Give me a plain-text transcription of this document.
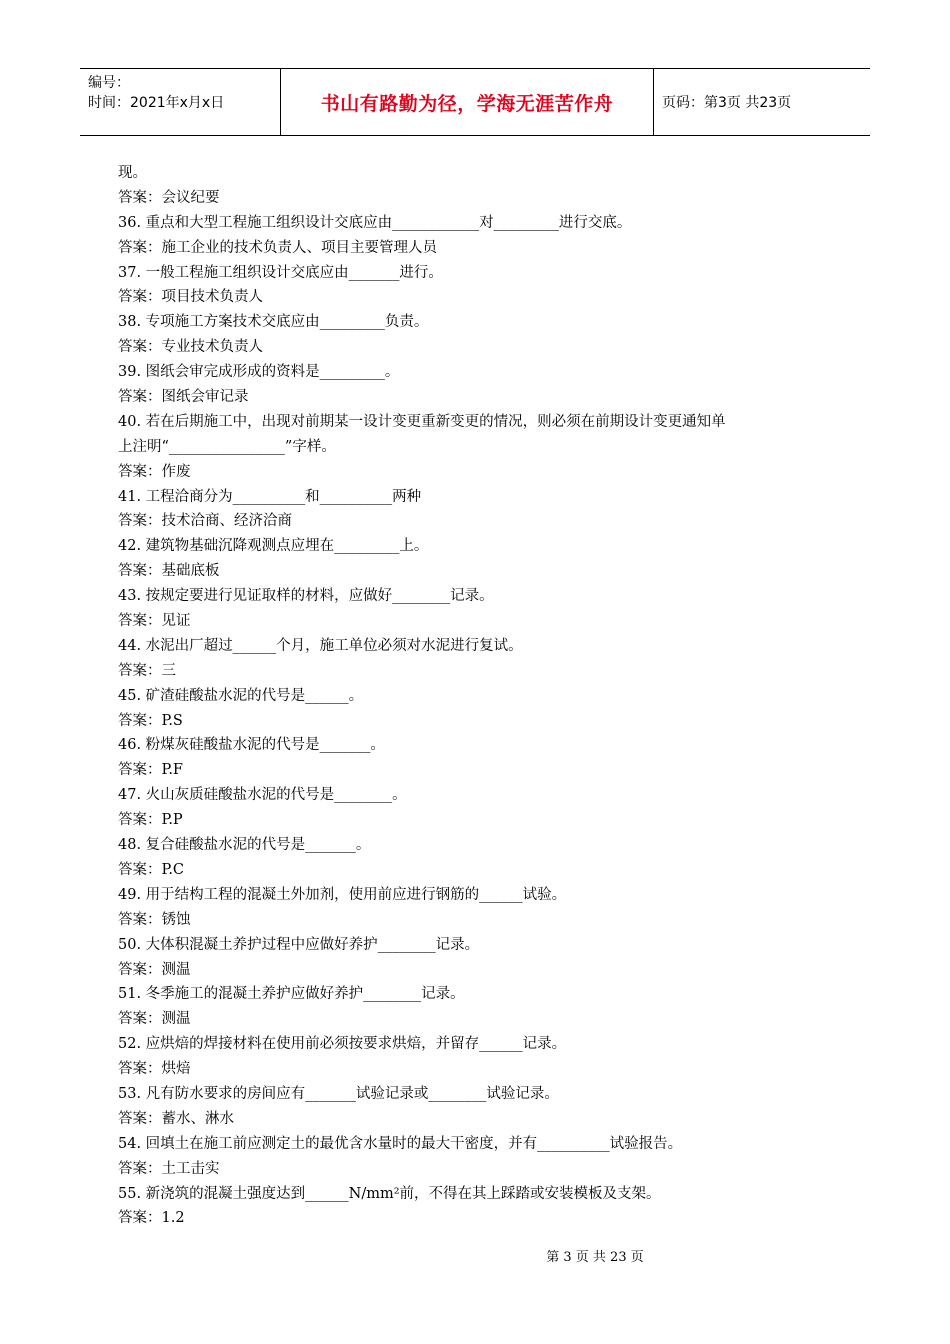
编号：
时间：2021年x月x日	书山有路勤为径，学海无涯苦作舟	页码：第3页 共23页
现。
答案：会议纪要
36. 重点和大型工程施工组织设计交底应由____________对_________进行交底。
答案：施工企业的技术负责人、项目主要管理人员
37. 一般工程施工组织设计交底应由_______进行。
答案：项目技术负责人
38. 专项施工方案技术交底应由_________负责。
答案：专业技术负责人
39. 图纸会审完成形成的资料是_________。
答案：图纸会审记录
40. 若在后期施工中，出现对前期某一设计变更重新变更的情况，则必须在前期设计变更通知单
上注明“________________”字样。
答案：作废
41. 工程洽商分为__________和__________两种
答案：技术洽商、经济洽商
42. 建筑物基础沉降观测点应埋在_________上。
答案：基础底板
43. 按规定要进行见证取样的材料，应做好________记录。
答案：见证
44. 水泥出厂超过______个月，施工单位必须对水泥进行复试。
答案：三
45. 矿渣硅酸盐水泥的代号是______。
答案：P.S
46. 粉煤灰硅酸盐水泥的代号是_______。
答案：P.F
47. 火山灰质硅酸盐水泥的代号是________。
答案：P.P
48. 复合硅酸盐水泥的代号是_______。
答案：P.C
49. 用于结构工程的混凝土外加剂，使用前应进行钢筋的______试验。
答案：锈蚀
50. 大体积混凝土养护过程中应做好养护________记录。
答案：测温
51. 冬季施工的混凝土养护应做好养护________记录。
答案：测温
52. 应烘焙的焊接材料在使用前必须按要求烘焙，并留存______记录。
答案：烘焙
53. 凡有防水要求的房间应有_______试验记录或________试验记录。
答案：蓄水、淋水
54. 回填土在施工前应测定土的最优含水量时的最大干密度，并有__________试验报告。
答案：土工击实
55. 新浇筑的混凝土强度达到______N/mm²前，不得在其上踩踏或安装模板及支架。
答案：1.2
第 3 页 共 23 页
